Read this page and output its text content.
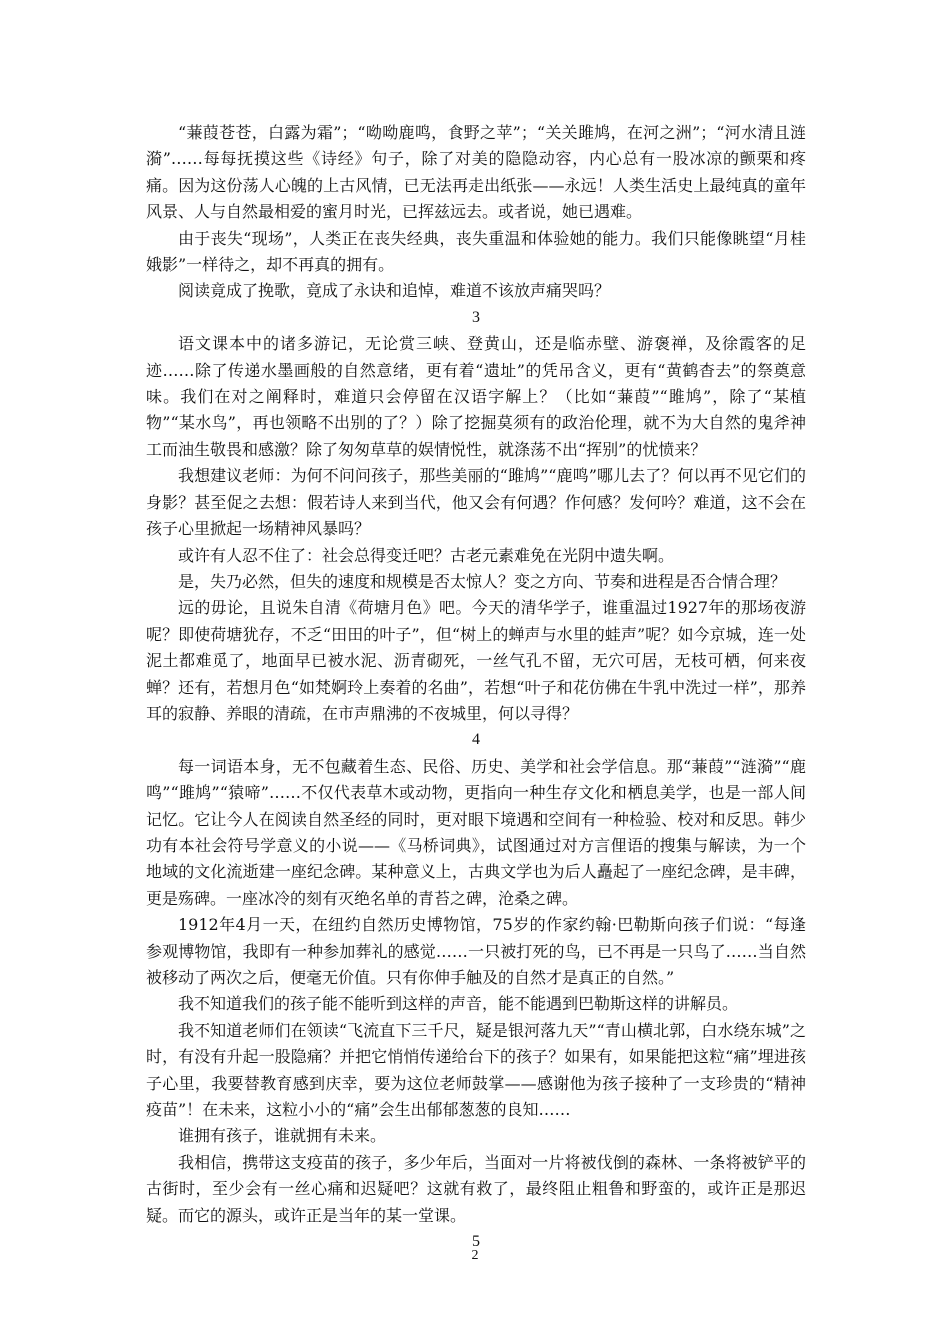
“蒹葭苍苍，白露为霜”；“呦呦鹿鸣，食野之苹”；“关关雎鸠，在河之洲”；“河水清且涟漪”……每每抚摸这些《诗经》句子，除了对美的隐隐动容，内心总有一股冰凉的颤栗和疼痛。因为这份荡人心魄的上古风情，已无法再走出纸张——永远！人类生活史上最纯真的童年风景、人与自然最相爱的蜜月时光，已挥兹远去。或者说，她已遇难。

由于丧失“现场”，人类正在丧失经典，丧失重温和体验她的能力。我们只能像眺望“月桂娥影”一样待之，却不再真的拥有。

阅读竟成了挽歌，竟成了永诀和追悼，难道不该放声痛哭吗？

3

语文课本中的诸多游记，无论赏三峡、登黄山，还是临赤壁、游褒禅，及徐霞客的足迹……除了传递水墨画般的自然意绪，更有着“遗址”的凭吊含义，更有“黄鹤杳去”的祭奠意味。我们在对之阐释时，难道只会停留在汉语字解上？（比如“蒹葭”“雎鸠”，除了“某植物”“某水鸟”，再也领略不出别的了？）除了挖掘莫须有的政治伦理，就不为大自然的鬼斧神工而油生敬畏和感激？除了匆匆草草的娱情悦性，就涤荡不出“挥别”的忧愤来？

我想建议老师：为何不问问孩子，那些美丽的“雎鸠”“鹿鸣”哪儿去了？何以再不见它们的身影？甚至促之去想：假若诗人来到当代，他又会有何遇？作何感？发何吟？难道，这不会在孩子心里掀起一场精神风暴吗？

或许有人忍不住了：社会总得变迁吧？古老元素难免在光阴中遗失啊。

是，失乃必然，但失的速度和规模是否太惊人？变之方向、节奏和进程是否合情合理？

远的毋论，且说朱自清《荷塘月色》吧。今天的清华学子，谁重温过1927年的那场夜游呢？即使荷塘犹存，不乏“田田的叶子”，但“树上的蝉声与水里的蛙声”呢？如今京城，连一处泥土都难觅了，地面早已被水泥、沥青砌死，一丝气孔不留，无穴可居，无枝可栖，何来夜蝉？还有，若想月色“如梵婀玲上奏着的名曲”，若想“叶子和花仿佛在牛乳中洗过一样”，那养耳的寂静、养眼的清疏，在市声鼎沸的不夜城里，何以寻得？

4

每一词语本身，无不包藏着生态、民俗、历史、美学和社会学信息。那“蒹葭”“涟漪”“鹿鸣”“雎鸠”“猿啼”……不仅代表草木或动物，更指向一种生存文化和栖息美学，也是一部人间记忆。它让今人在阅读自然圣经的同时，更对眼下境遇和空间有一种检验、校对和反思。韩少功有本社会符号学意义的小说——《马桥词典》，试图通过对方言俚语的搜集与解读，为一个地域的文化流逝建一座纪念碑。某种意义上，古典文学也为后人矗起了一座纪念碑，是丰碑，更是殇碑。一座冰冷的刻有灭绝名单的青苔之碑，沧桑之碑。

1912年4月一天，在纽约自然历史博物馆，75岁的作家约翰·巴勒斯向孩子们说：“每逢参观博物馆，我即有一种参加葬礼的感觉……一只被打死的鸟，已不再是一只鸟了……当自然被移动了两次之后，便毫无价值。只有你伸手触及的自然才是真正的自然。”

我不知道我们的孩子能不能听到这样的声音，能不能遇到巴勒斯这样的讲解员。

我不知道老师们在领读“飞流直下三千尺，疑是银河落九天”“青山横北郭，白水绕东城”之时，有没有升起一股隐痛？并把它悄悄传递给台下的孩子？如果有，如果能把这粒“痛”埋进孩子心里，我要替教育感到庆幸，要为这位老师鼓掌——感谢他为孩子接种了一支珍贵的“精神疫苗”！在未来，这粒小小的“痛”会生出郁郁葱葱的良知……

谁拥有孩子，谁就拥有未来。

我相信，携带这支疫苗的孩子，多少年后，当面对一片将被伐倒的森林、一条将被铲平的古街时，至少会有一丝心痛和迟疑吧？这就有救了，最终阻止粗鲁和野蛮的，或许正是那迟疑。而它的源头，或许正是当年的某一堂课。

5

2
